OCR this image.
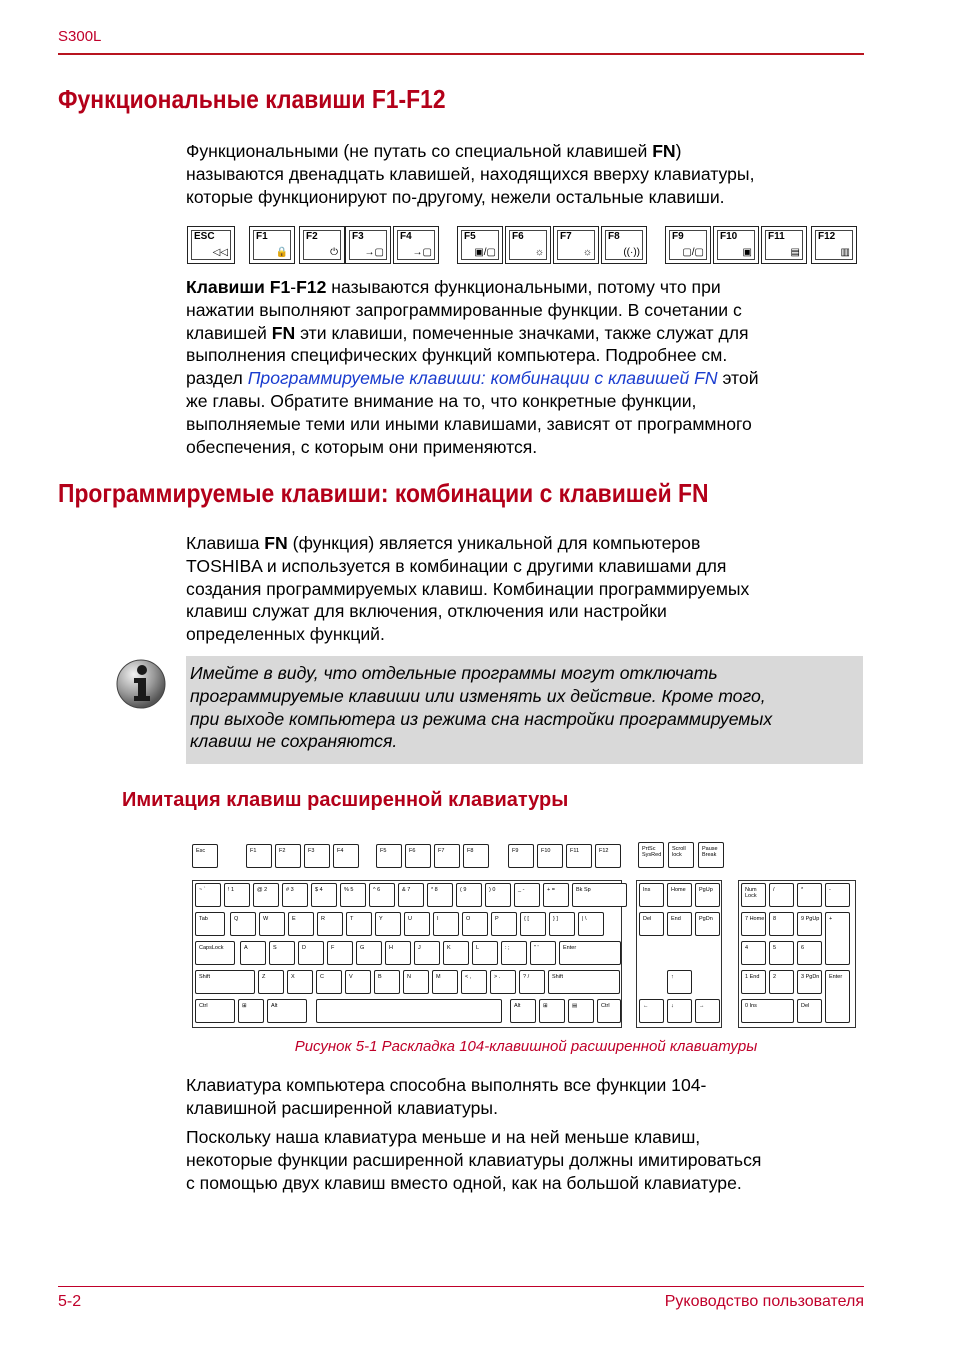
S300L
Функциональные клавиши F1-F12
Функциональными (не путать со специальной клавишей FN)
называются двенадцать клавишей, находящихся вверху клавиатуры,
которые функционируют по-другому, нежели остальные клавиши.
ESC
◁◁
F1
🔒
F2
⏻
F3
→▢
F4
→▢
F5
▣/▢
F6
☼
F7
☼
F8
((·))
F9
▢/▢
F10
▣
F11
▤
F12
▥
Клавиши F1-F12 называются функциональными, потому что при
нажатии выполняют запрограммированные функции. В сочетании с
клавишей FN эти клавиши, помеченные значками, также служат для
выполнения специфических функций компьютера. Подробнее см.
раздел Программируемые клавиши: комбинации с клавишей FN этой
же главы. Обратите внимание на то, что конкретные функции,
выполняемые теми или иными клавишами, зависят от программного
обеспечения, с которым они применяются.
Программируемые клавиши: комбинации с клавишей FN
Клавиша FN (функция) является уникальной для компьютеров
TOSHIBA и используется в комбинации с другими клавишами для
создания программируемых клавиш. Комбинации программируемых
клавиш служат для включения, отключения или настройки
определенных функций.
Имейте в виду, что отдельные программы могут отключать
программируемые клавиши или изменять их действие. Кроме того,
при выходе компьютера из режима сна настройки программируемых
клавиш не сохраняются.
Имитация клавиш расширенной клавиатуры
Esc	F1	F2	F3	F4	F5	F6	F7	F8	F9	F10	F11	F12	PrtSc SysRed
Scroll lock
Pause Break
~ `	! 1	@ 2	# 3	$ 4	% 5	^ 6	& 7	* 8	( 9	) 0	_ -	+ =	Bk Sp
Tab	Q	W	E	R	T	Y	U	I	O	P	{ [	} ]	| \
CapsLock	A	S	D	F	G	H	J	K	L	: ;	" '	Enter
Shift	Z	X	C	V	B	N	M	< ,	> .	? /	Shift
Ctrl	⊞	Alt	Alt	⊞	▤	Ctrl
Ins	Home PgUp
Del	End	PgDn
↑
←	↓	→
Num Lock
/	*	-
7 Home 8	9 PgUp +
4	5	6
1 End 2	3 PgDn Enter
0 Ins	Del
Рисунок 5-1 Раскладка 104-клавишной расширенной клавиатуры
Клавиатура компьютера способна выполнять все функции 104-
клавишной расширенной клавиатуры.
Поскольку наша клавиатура меньше и на ней меньше клавиш,
некоторые функции расширенной клавиатуры должны имитироваться
с помощью двух клавиш вместо одной, как на большой клавиатуре.
5-2	Руководство пользователя
